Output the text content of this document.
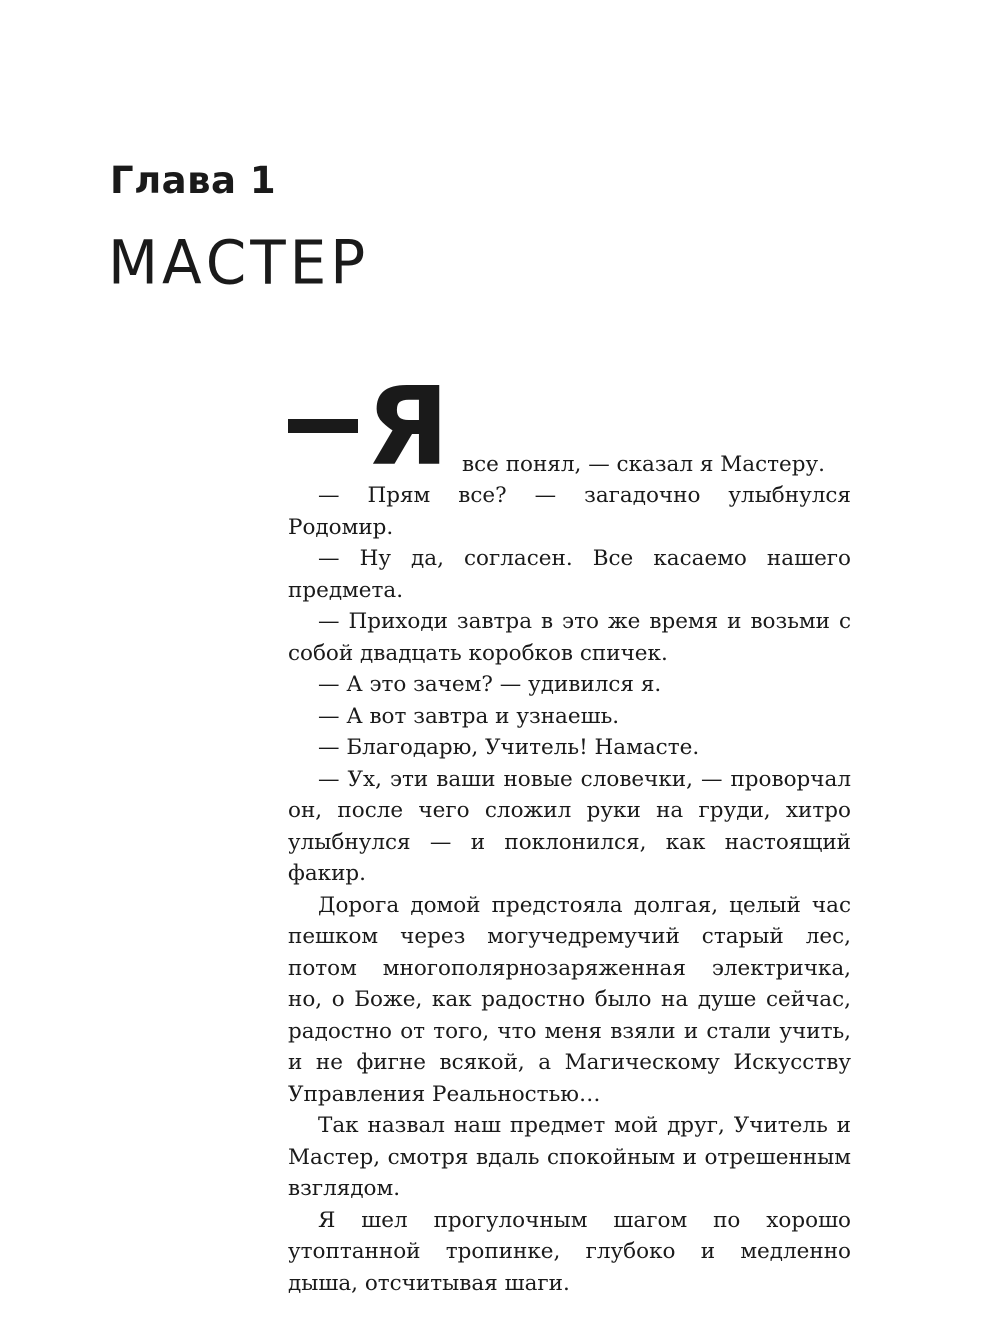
Глава 1
МАСТЕР
Я все понял, — сказал я Мастеру.

— Прям все? — загадочно улыбнулся Родомир.

— Ну да, согласен. Все касаемо нашего предмета.

— Приходи завтра в это же время и возьми с собой двадцать коробков спичек.

— А это зачем? — удивился я.

— А вот завтра и узнаешь.

— Благодарю, Учитель! Намасте.

— Ух, эти ваши новые словечки, — проворчал он, после чего сложил руки на груди, хитро улыбнулся — и поклонился, как настоящий факир.

Дорога домой предстояла долгая, целый час пешком через могучедремучий старый лес, потом многополярнозаряженная электричка, но, о Боже, как радостно было на душе сейчас, радостно от того, что меня взяли и стали учить, и не фигне всякой, а Магическому Искусству Управления Реальностью…

Так назвал наш предмет мой друг, Учитель и Мастер, смотря вдаль спокойным и отрешенным взглядом.

Я шел прогулочным шагом по хорошо утоптанной тропинке, глубоко и медленно дыша, отсчитывая шаги.
